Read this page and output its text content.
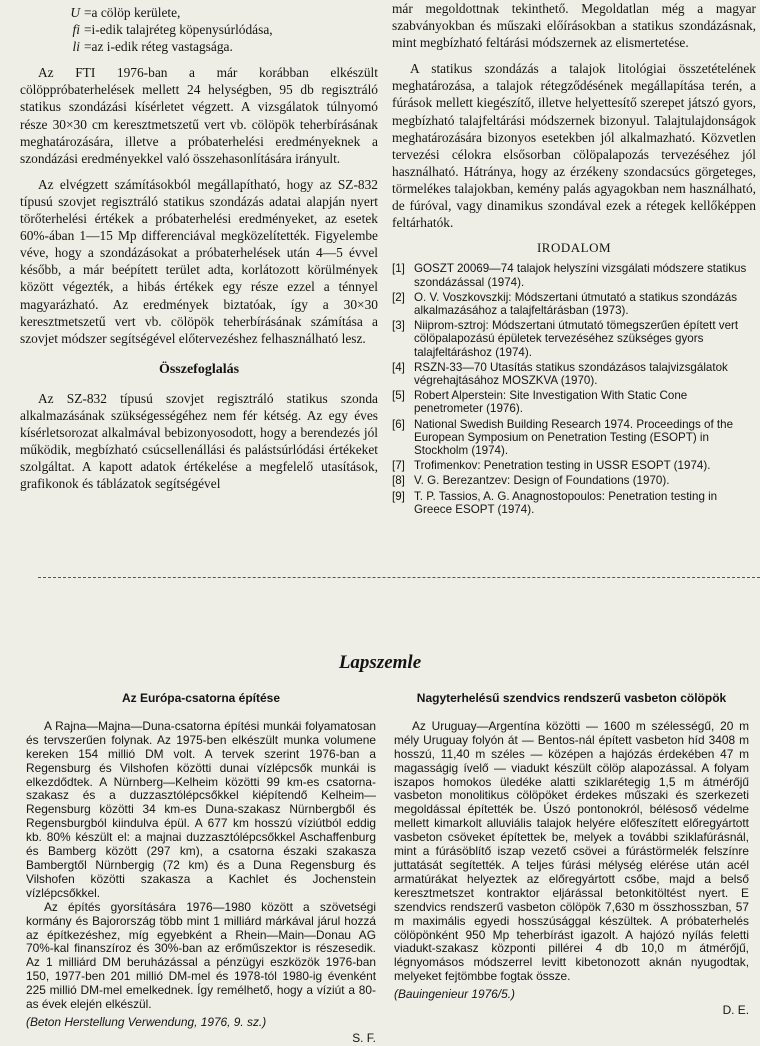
U =a cölöp kerülete,
fi =i-edik talajréteg köpenysúrlódása,
li =az i-edik réteg vastagsága.

Az FTI 1976-ban a már korábban elkészült cölöppróbaterhelések mellett 24 helységben, 95 db regisztráló statikus szondázási kísérletet végzett. A vizsgálatok túlnyomó része 30×30 cm keresztmetszetű vert vb. cölöpök teherbírásának meghatározására, illetve a próbaterhelési eredményeknek a szondázási eredményekkel való összehasonlítására irányult.

Az elvégzett számításokból megállapítható, hogy az SZ-832 típusú szovjet regisztráló statikus szondázás adatai alapján nyert törőterhelési értékek a próbaterhelési eredményeket, az esetek 60%-ában 1—15 Mp differenciával megközelítették. Figyelembe véve, hogy a szondázásokat a próbaterhelések után 4—5 évvel később, a már beépített terület adta, korlátozott körülmények között végezték, a hibás értékek egy része ezzel a ténnyel magyarázható. Az eredmények biztatóak, így a 30×30 keresztmetszetű vert vb. cölöpök teherbírásának számítása a szovjet módszer segítségével előtervezéshez felhasználható lesz.

Összefoglalás

Az SZ-832 típusú szovjet regisztráló statikus szonda alkalmazásának szükségességéhez nem fér kétség. Az egy éves kísérletsorozat alkalmával bebizonyosodott, hogy a berendezés jól működik, megbízható csúcsellenállási és palástsúrlódási értékeket szolgáltat. A kapott adatok értékelése a megfelelő utasítások, grafikonok és táblázatok segítségével

már megoldottnak tekinthető. Megoldatlan még a magyar szabványokban és műszaki előírásokban a statikus szondázásnak, mint megbízható feltárási módszernek az elismertetése.

A statikus szondázás a talajok litológiai összetételének meghatározása, a talajok rétegződésének megállapítása terén, a fúrások mellett kiegészítő, illetve helyettesítő szerepet játszó gyors, megbízható talajfeltárási módszernek bizonyul. Talajtulajdonságok meghatározására bizonyos esetekben jól alkalmazható. Közvetlen tervezési célokra elsősorban cölöpalapozás tervezéséhez jól használható. Hátránya, hogy az érzékeny szondacsúcs görgeteges, törmelékes talajokban, kemény palás agyagokban nem használható, de fúróval, vagy dinamikus szondával ezek a rétegek kellőképpen feltárhatók.

IRODALOM
[1] GOSZT 20069—74 talajok helyszíni vizsgálati módszere statikus szondázással (1974).
[2] O. V. Voszkovszkij: Módszertani útmutató a statikus szondázás alkalmazásához a talajfeltárásban (1973).
[3] Niiprom-sztroj: Módszertani útmutató tömegszerűen épített vert cölöpalapozású épületek tervezéséhez szükséges gyors talajfeltáráshoz (1974).
[4] RSZN-33—70 Utasítás statikus szondázásos talajvizsgálatok végrehajtásához MOSZKVA (1970).
[5] Robert Alperstein: Site Investigation With Static Cone penetrometer (1976).
[6] National Swedish Building Research 1974. Proceedings of the European Symposium on Penetration Testing (ESOPT) in Stockholm (1974).
[7] Trofimenkov: Penetration testing in USSR ESOPT (1974).
[8] V. G. Berezantzev: Design of Foundations (1970).
[9] T. P. Tassios, A. G. Anagnostopoulos: Penetration testing in Greece ESOPT (1974).
Lapszemle
Az Európa-csatorna építése

A Rajna—Majna—Duna-csatorna építési munkái folyamatosan és tervszerűen folynak. Az 1975-ben elkészült munka volumene kereken 154 millió DM volt. A tervek szerint 1976-ban a Regensburg és Vilshofen közötti dunai vízlépcsők munkái is elkezdődtek. A Nürnberg—Kelheim közötti 99 km-es csatorna-szakasz és a duzzasztólépcsőkkel kiépítendő Kelheim—Regensburg közötti 34 km-es Duna-szakasz Nürnbergből és Regensburgból kiindulva épül. A 677 km hosszú víziútból eddig kb. 80% készült el: a majnai duzzasztólépcsőkkel Aschaffenburg és Bamberg között (297 km), a csatorna északi szakasza Bambergtől Nürnbergig (72 km) és a Duna Regensburg és Vilshofen közötti szakasza a Kachlet és Jochenstein vízlépcsőkkel.

Az építés gyorsítására 1976—1980 között a szövetségi kormány és Bajorország több mint 1 milliárd márkával járul hozzá az építkezéshez, míg egyebként a Rhein—Main—Donau AG 70%-kal finanszíroz és 30%-ban az erőműszektor is részesedik. Az 1 milliárd DM beruházással a pénzügyi eszközök 1976-ban 150, 1977-ben 201 millió DM-mel és 1978-tól 1980-ig évenként 225 millió DM-mel emelkednek. Így remélhető, hogy a víziút a 80-as évek elején elkészül.

(Beton Herstellung Verwendung, 1976, 9. sz.)
S. F.
Nagyterhelésű szendvics rendszerű vasbeton cölöpök

Az Uruguay—Argentína közötti — 1600 m szélességű, 20 m mély Uruguay folyón át — Bentos-nál épített vasbeton híd 3408 m hosszú, 11,40 m széles — középen a hajózás érdekében 47 m magasságig ívelő — viadukt készült cölöp alapozással. A folyam iszapos homokos üledéke alatti sziklarétegig 1,5 m átmérőjű vasbeton monolitikus cölöpöket érdekes műszaki és szerkezeti megoldással építették be. Úszó pontonokról, bélésoső védelme mellett kimarkolt alluviális talajok helyére előfeszített előregyártott vasbeton csöveket építettek be, melyek a további sziklafúrásnál, mint a fúrásöblítő iszap vezető csövei a fúrástörmelék felszínre juttatását segítették. A teljes fúrási mélység elérése után acél armatúrákat helyeztek az előregyártott csőbe, majd a belső keresztmetszet kontraktor eljárással betonkitöltést nyert. E szendvics rendszerű vasbeton cölöpök 7,630 m összhosszban, 57 m maximális egyedi hosszúsággal készültek. A próbaterhelés cölöpönként 950 Mp teherbírást igazolt. A hajózó nyílás feletti viadukt-szakasz központi pillérei 4 db 10,0 m átmérőjű, légnyomásos módszerrel levitt kibetonozott aknán nyugodtak, melyeket fejtömbbe fogtak össze.

(Bauingenieur 1976/5.)
D. E.
